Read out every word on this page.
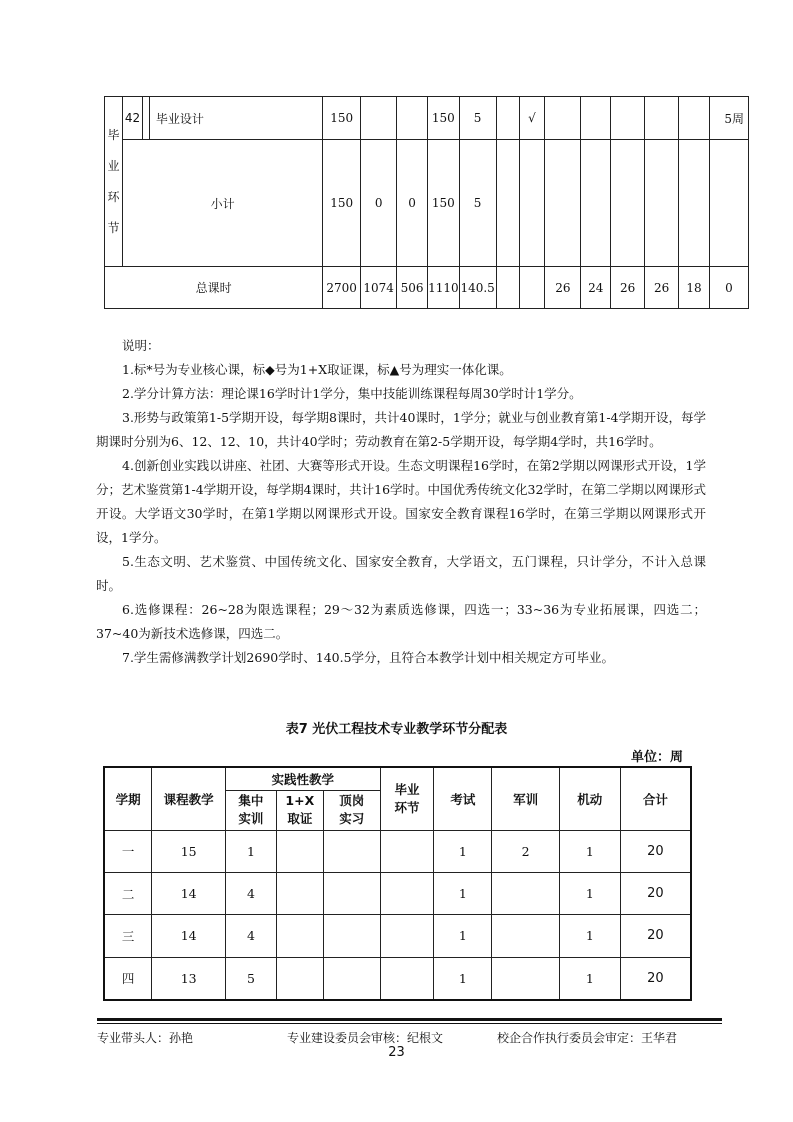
毕
业
环
节	42		毕业设计	150			150	5		√						5周
	小计			150	0	0	150	5								
总课时				2700	1074	506	1110	140.5			26	24	26	26	18	0

说明：

1.标*号为专业核心课，标◆号为1+X取证课，标▲号为理实一体化课。

2.学分计算方法：理论课16学时计1学分，集中技能训练课程每周30学时计1学分。

3.形势与政策第1-5学期开设，每学期8课时，共计40课时，1学分；就业与创业教育第1-4学期开设，每学期课时分别为6、12、12、10，共计40学时；劳动教育在第2-5学期开设，每学期4学时，共16学时。

4.创新创业实践以讲座、社团、大赛等形式开设。生态文明课程16学时，在第2学期以网课形式开设，1学分；艺术鉴赏第1-4学期开设，每学期4课时，共计16学时。中国优秀传统文化32学时，在第二学期以网课形式开设。大学语文30学时，在第1学期以网课形式开设。国家安全教育课程16学时，在第三学期以网课形式开设，1学分。

5.生态文明、艺术鉴赏、中国传统文化、国家安全教育，大学语文，五门课程，只计学分，不计入总课时。

6.选修课程：26~28为限选课程；29～32为素质选修课，四选一；33~36为专业拓展课，四选二；37~40为新技术选修课，四选二。

7.学生需修满教学计划2690学时、140.5学分，且符合本教学计划中相关规定方可毕业。

表7 光伏工程技术专业教学环节分配表
单位：周
学期	课程教学	实践性教学			毕业环节	考试	军训	机动	合计

		集中实训	1+X取证	顶岗实习					

一	15	1				1	2	1	20
二	14	4				1		1	20
三	14	4				1		1	20
四	13	5				1		1	20
专业带头人：孙艳	专业建设委员会审核：纪根文	校企合作执行委员会审定：王华君
23
